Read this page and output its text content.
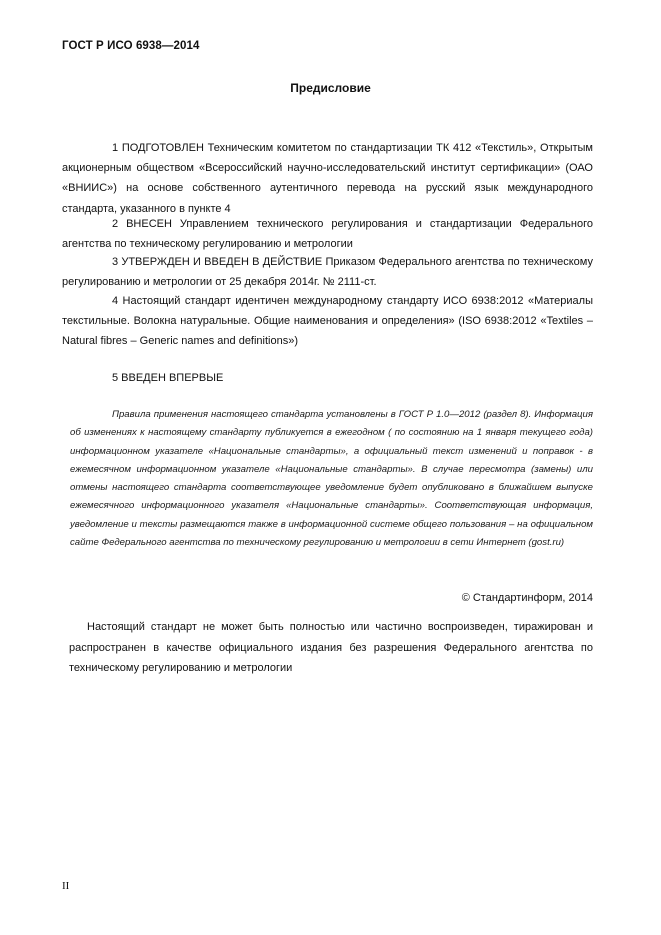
ГОСТ Р ИСО 6938—2014
Предисловие
1 ПОДГОТОВЛЕН Техническим комитетом по стандартизации ТК 412 «Текстиль», Открытым акционерным обществом «Всероссийский научно-исследовательский институт сертификации» (ОАО «ВНИИС») на основе собственного аутентичного перевода на русский язык международного стандарта, указанного в пункте 4
2 ВНЕСЕН Управлением технического регулирования и стандартизации Федерального агентства по техническому регулированию и метрологии
3 УТВЕРЖДЕН И ВВЕДЕН В ДЕЙСТВИЕ Приказом Федерального агентства по техническому регулированию и метрологии от 25 декабря 2014г. № 2111-ст.
4 Настоящий стандарт идентичен международному стандарту ИСО 6938:2012 «Материалы текстильные. Волокна натуральные. Общие наименования и определения» (ISO 6938:2012 «Textiles – Natural fibres – Generic names and definitions»)
5 ВВЕДЕН ВПЕРВЫЕ
Правила применения настоящего стандарта установлены в ГОСТ Р 1.0—2012 (раздел 8). Информация об изменениях к настоящему стандарту публикуется в ежегодном ( по состоянию на 1 января текущего года) информационном указателе «Национальные стандарты», а официальный текст изменений и поправок - в ежемесячном информационном указателе «Национальные стандарты». В случае пересмотра (замены) или отмены настоящего стандарта соответствующее уведомление будет опубликовано в ближайшем выпуске ежемесячного информационного указателя «Национальные стандарты». Соответствующая информация, уведомление и тексты размещаются также в информационной системе общего пользования – на официальном сайте Федерального агентства по техническому регулированию и метрологии в сети Интернет (gost.ru)
© Стандартинформ, 2014
Настоящий стандарт не может быть полностью или частично воспроизведен, тиражирован и распространен в качестве официального издания без разрешения Федерального агентства по техническому регулированию и метрологии
II
